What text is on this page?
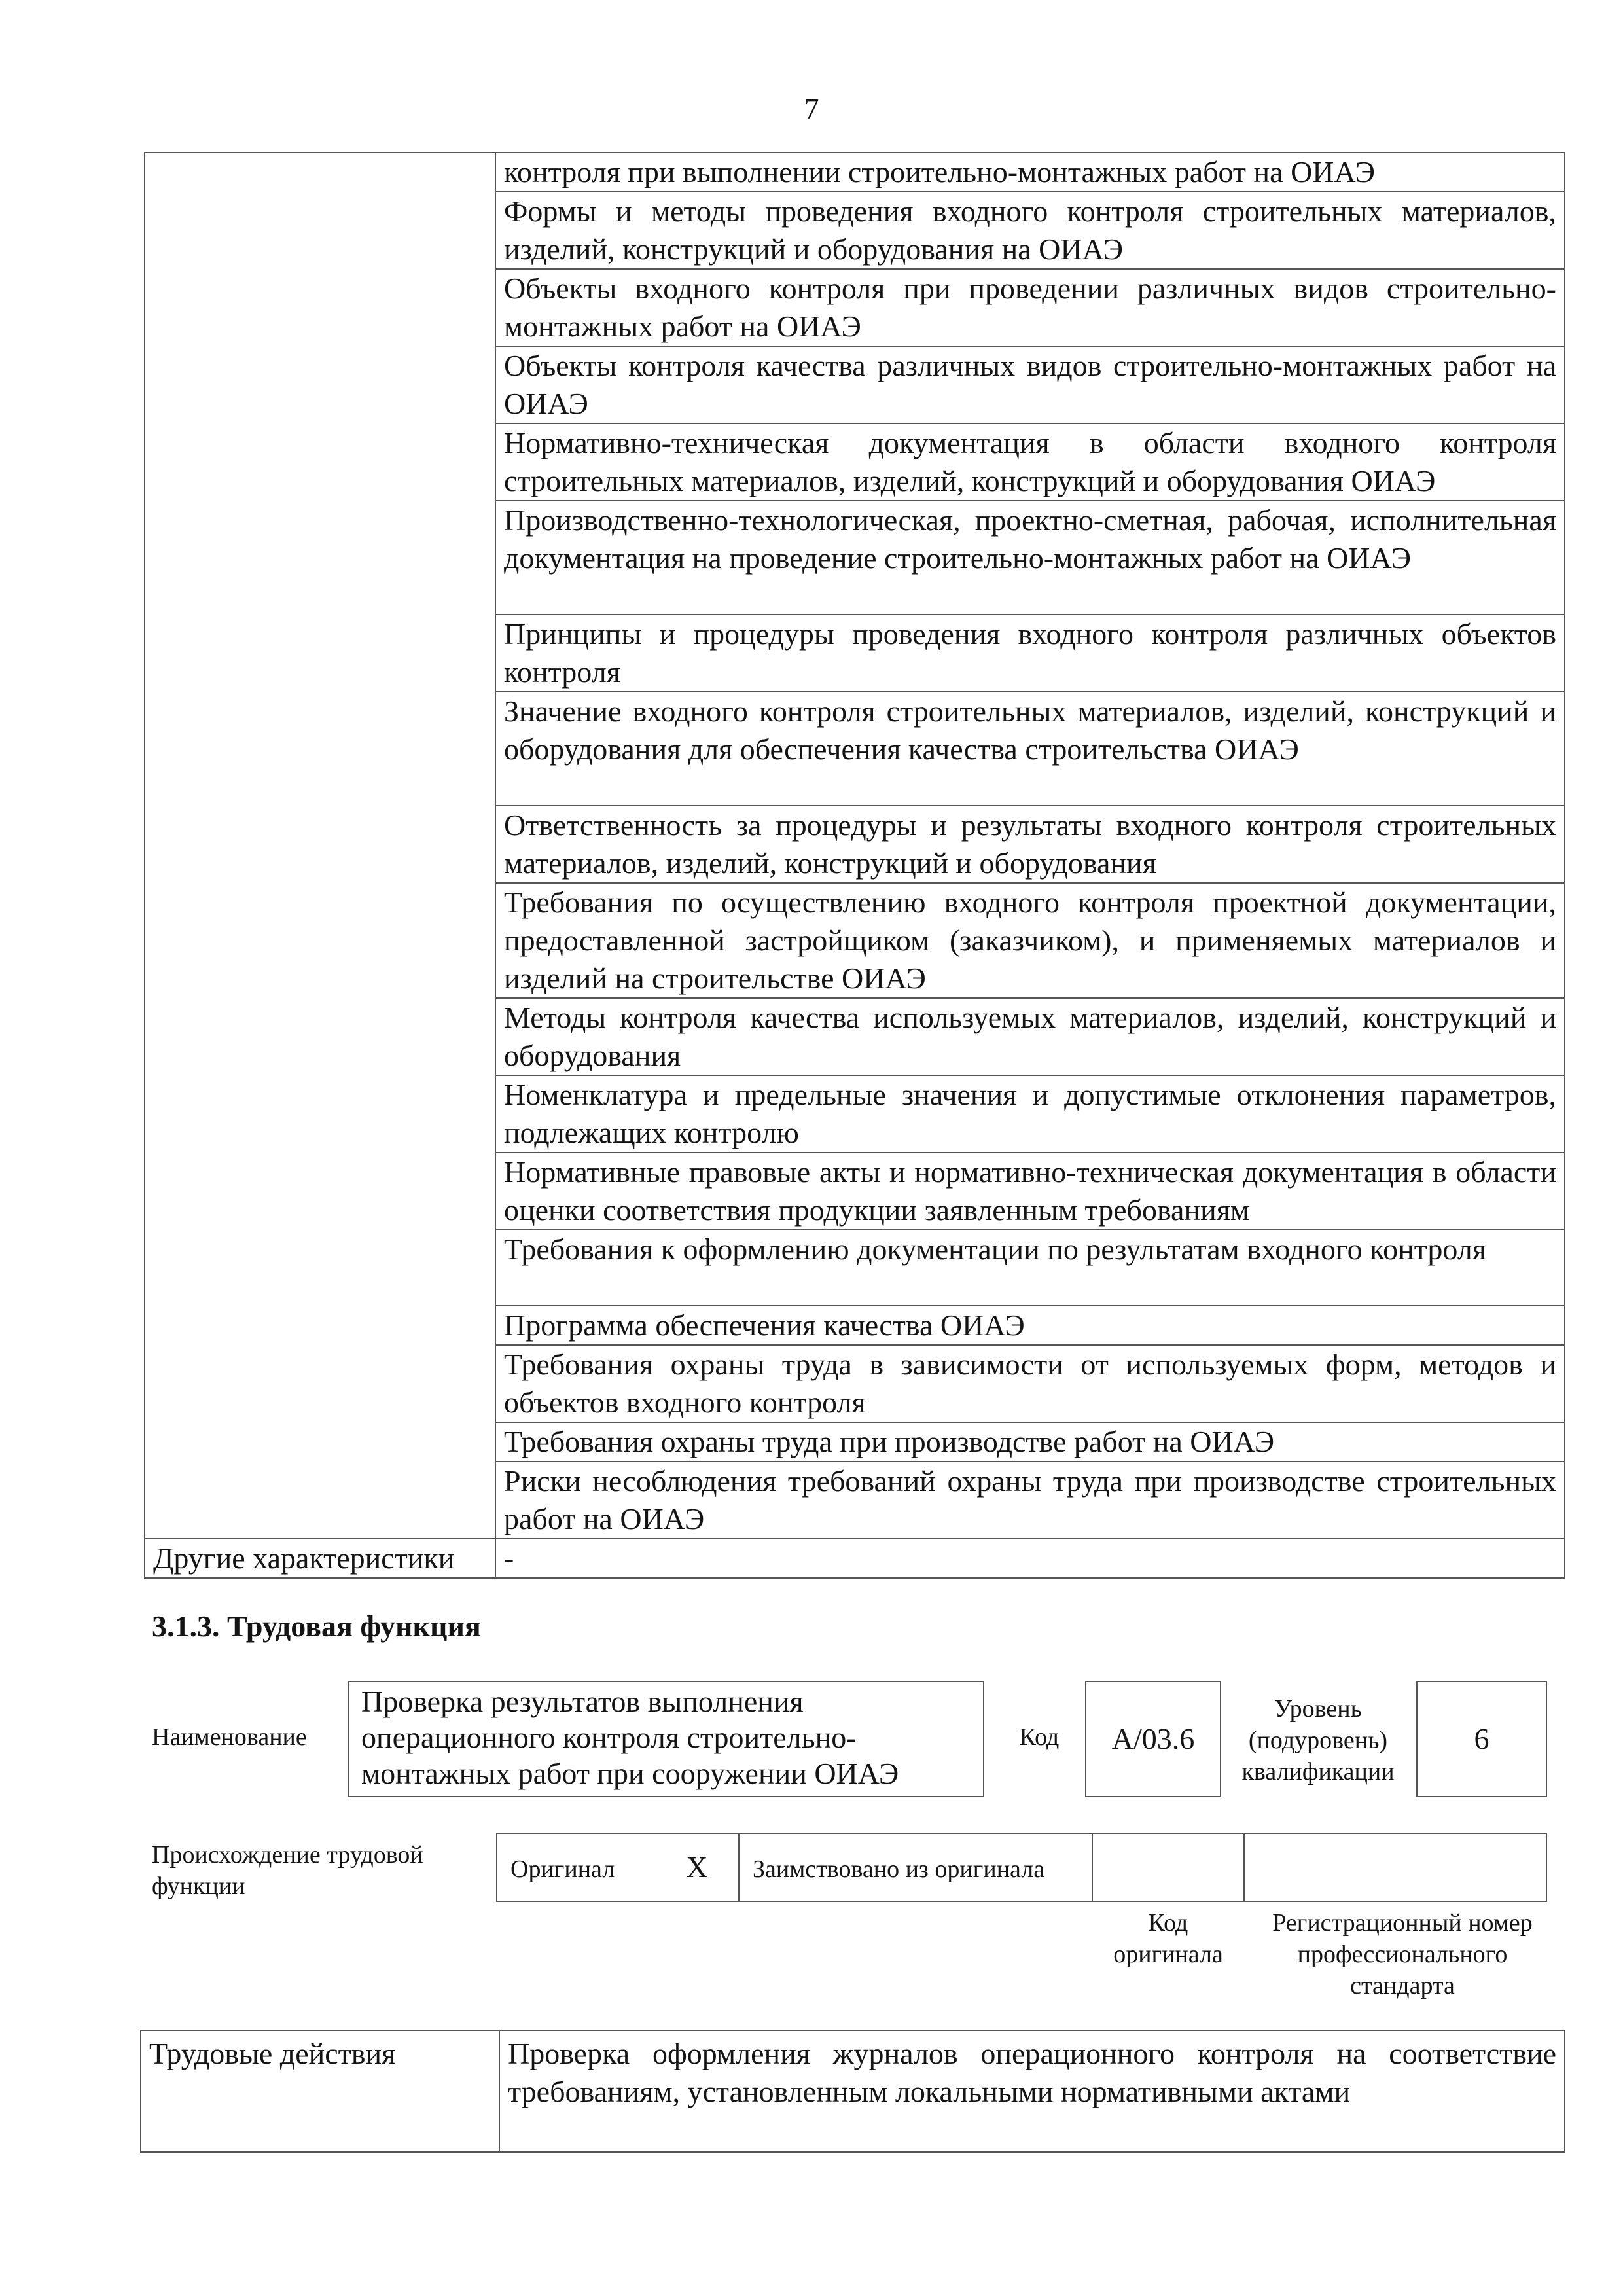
7
	контроля при выполнении строительно-монтажных работ на ОИАЭ
	Формы и методы проведения входного контроля строительных материалов, изделий, конструкций и оборудования на ОИАЭ
	Объекты входного контроля при проведении различных видов строительно-монтажных работ на ОИАЭ
	Объекты контроля качества различных видов строительно-монтажных работ на ОИАЭ
	Нормативно-техническая документация в области входного контроля строительных материалов, изделий, конструкций и оборудования ОИАЭ
	Производственно-технологическая, проектно-сметная, рабочая, исполнительная документация на проведение строительно-монтажных работ на ОИАЭ
	Принципы и процедуры проведения входного контроля различных объектов контроля
	Значение входного контроля строительных материалов, изделий, конструкций и оборудования для обеспечения качества строительства ОИАЭ
	Ответственность за процедуры и результаты входного контроля строительных материалов, изделий, конструкций и оборудования
	Требования по осуществлению входного контроля проектной документации, предоставленной застройщиком (заказчиком), и применяемых материалов и изделий на строительстве ОИАЭ
	Методы контроля качества используемых материалов, изделий, конструкций и оборудования
	Номенклатура и предельные значения и допустимые отклонения параметров, подлежащих контролю
	Нормативные правовые акты и нормативно-техническая документация в области оценки соответствия продукции заявленным требованиям
	Требования к оформлению документации по результатам входного контроля
	Программа обеспечения качества ОИАЭ
	Требования охраны труда в зависимости от используемых форм, методов и объектов входного контроля
	Требования охраны труда при производстве работ на ОИАЭ
	Риски несоблюдения требований охраны труда при производстве строительных работ на ОИАЭ
Другие характеристики	-
3.1.3. Трудовая функция
Наименование
Проверка результатов выполнения операционного контроля строительно-монтажных работ при сооружении ОИАЭ
Код	А/03.6
Уровень (подуровень) квалификации
6
Происхождение трудовой функции
Оригинал	X	Заимствовано из оригинала
Код оригинала
Регистрационный номер профессионального стандарта
Трудовые действия	Проверка оформления журналов операционного контроля на соответствие требованиям, установленным локальными нормативными актами
